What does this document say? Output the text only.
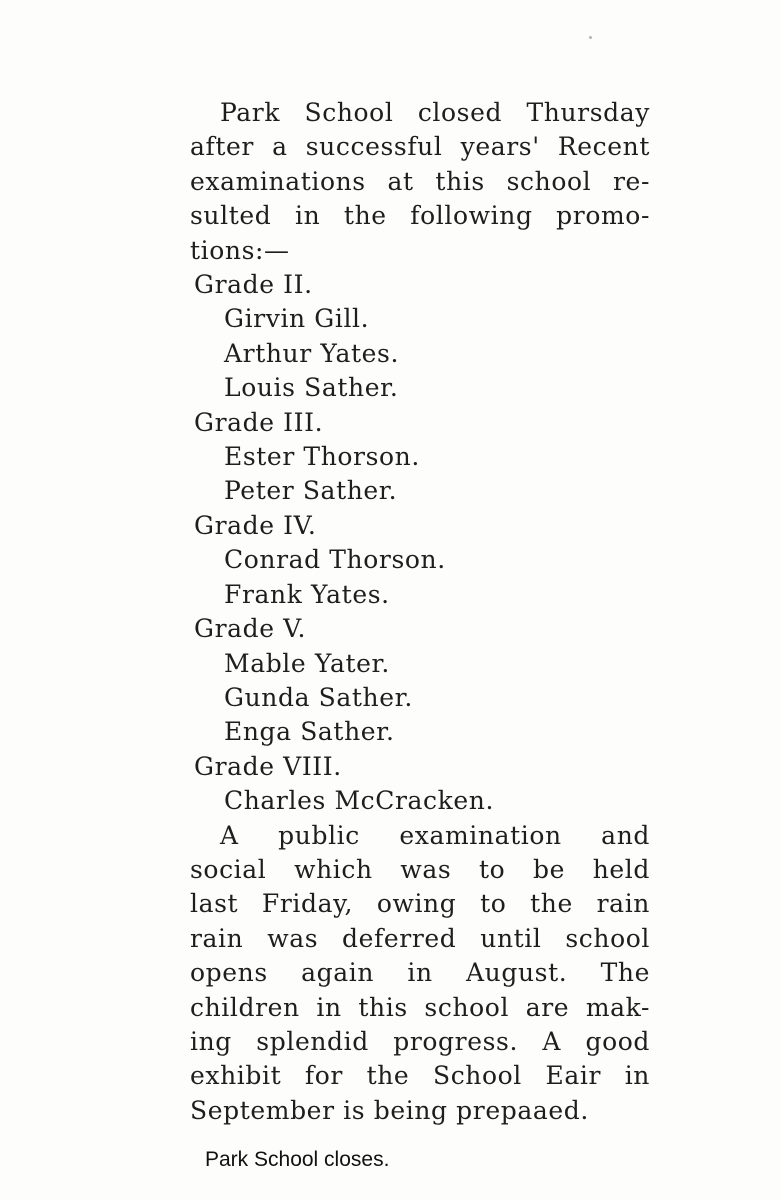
Park School closed Thursday
after a successful years' Recent
examinations at this school re-
sulted in the following promo-
tions:—
Grade II.
Girvin Gill.
Arthur Yates.
Louis Sather.
Grade III.
Ester Thorson.
Peter Sather.
Grade IV.
Conrad Thorson.
Frank Yates.
Grade V.
Mable Yater.
Gunda Sather.
Enga Sather.
Grade VIII.
Charles McCracken.
A public examination and
social which was to be held
last Friday, owing to the rain
rain was deferred until school
opens again in August. The
children in this school are mak-
ing splendid progress. A good
exhibit for the School Eair in
September is being prepaaed.
Park School closes.
